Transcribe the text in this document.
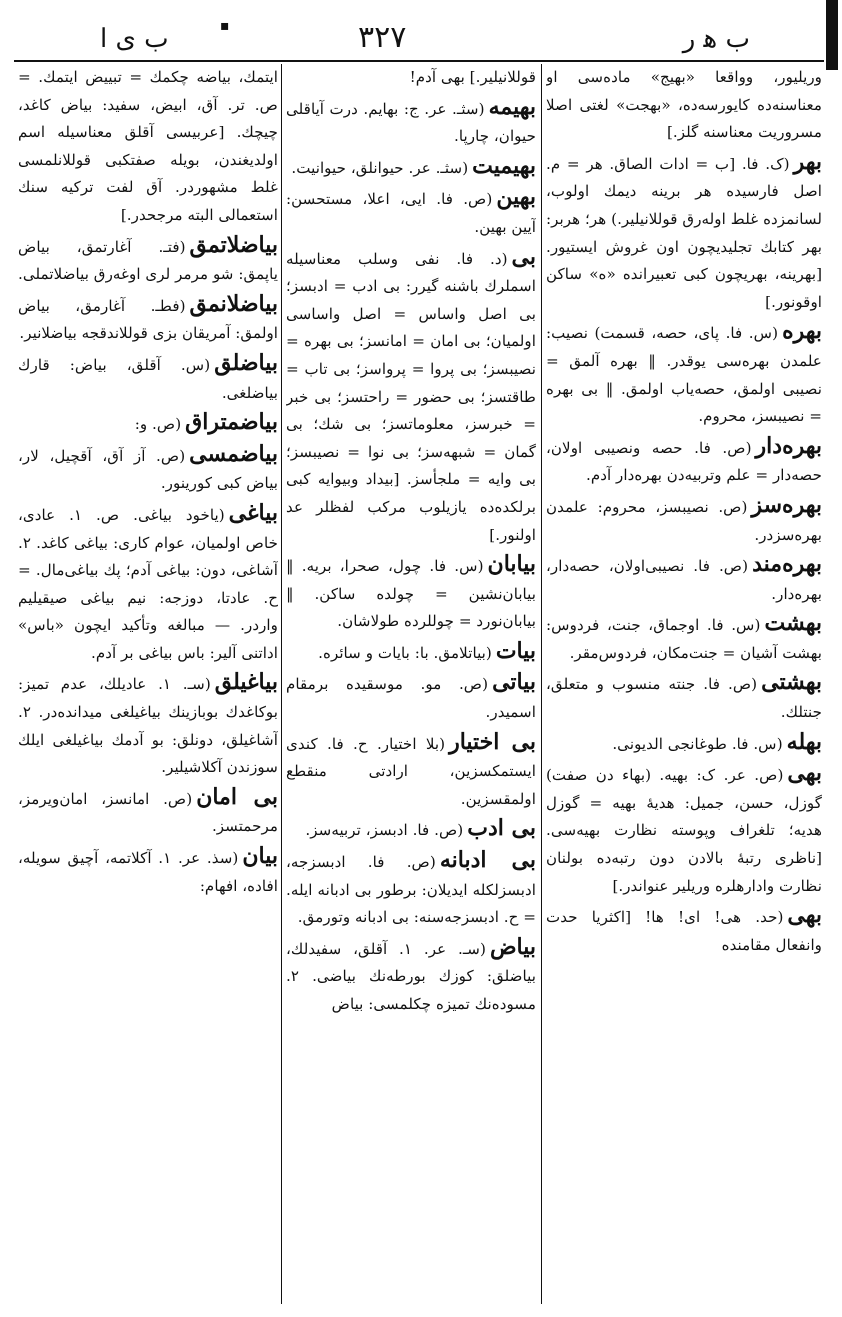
ب ی ا	▪	٣٢٧	ب ﻫ ر
وریلیور، وواقعا «بهیج» ماده‌سی او معناسنه‌ده کایورسه‌ده، «بهجت» لغتی اصلا مسروریت معناسنه گلز.]
بهر(ک. فا. [ب = ادات الصاق. هر = م. اصل فارسیده هر برینه دیمك اولوب، لسانمزده غلط اوله‌رق قوللانیلیر.) هر؛ هربر: بهر کتابك تجلیدیچون اون غروش ایستیور. [بهرینه، بهریچون کبی تعبیرانده «ه» ساکن اوقونور.]
بهره(س. فا. پای، حصه، قسمت) نصیب: علمدن بهره‌سی یوقدر. ‖ بهره آلمق = نصیبی اولمق، حصه‌یاب اولمق. ‖ بی بهره = نصیبسز، محروم.
بهره‌دار(ص. فا. حصه ونصیبی اولان، حصه‌دار = علم وتربیه‌دن بهره‌دار آدم.
بهره‌سز(ص. نصیبسز، محروم: علمدن بهره‌سزدر.
بهره‌مند(ص. فا. نصیبی‌اولان، حصه‌دار، بهره‌دار.
بهشت(س. فا. اوجماق، جنت، فردوس: بهشت آشیان = جنت‌مکان، فردوس‌مقر.
بهشتی(ص. فا. جنته منسوب و متعلق، جنتلك.
بهله(س. فا. طوغانجی الدیونی.
بهی(ص. عر. ک: بهیه. (بهاء دن صفت) گوزل، حسن، جمیل: هدیهٔ بهیه = گوزل هدیه؛ تلغراف وپوسته نظارت بهیه‌سی. [ناظری رتبهٔ بالادن دون رتبه‌ده بولنان نظارت وادارهلره وریلیر عنواندر.]
بهی(حد. هی! ای! ها! [اکثریا حدت وانفعال مقامنده
قوللانیلیر.] بهی آدم!
بهیمه(سثـ. عر. ج: بهایم. درت آیاقلی حیوان، چارپا.
بهیمیت(سثـ. عر. حیوانلق، حیوانیت.
بهین(ص. فا. ایی، اعلا، مستحسن: آیین بهین.
بی(د. فا. نفی وسلب معناسیله اسملرك باشنه گیرر: بی ادب = ادبسز؛ بی اصل واساس = اصل واساسی اولمیان؛ بی امان = امانسز؛ بی بهره = نصیبسز؛ بی پروا = پرواسز؛ بی تاب = طاقتسز؛ بی حضور = راحتسز؛ بی خبر = خبرسز، معلوماتسز؛ بی شك؛ بی گمان = شبهه‌سز؛ بی نوا = نصیبسز؛ بی وایه = ملجأسز. [بیداد وبیوایه کبی برلکده‌ده یازیلوب مرکب لفظلر عد اولنور.]
بیابان(س. فا. چول، صحرا، بریه. ‖ بیابان‌نشین = چولده ساکن. ‖ بیابان‌نورد = چوللرده طولاشان.
بیات(بیاتلامق. با: بایات و سائره.
بیاتی(ص. مو. موسقیده برمقام اسمیدر.
بی اختیار(بلا اختیار. ح. فا. کندی ایستمکسزین، ارادتی منقطع اولمقسزین.
بی ادب(ص. فا. ادبسز، تربیه‌سز.
بی ادبانه(ص. فا. ادبسزجه، ادبسزلکله ایدیلان: برطور بی ادبانه ایله. = ح. ادبسزجه‌سنه: بی ادبانه وتورمق.
بیاض(سـ. عر. ١. آقلق، سفیدلك، بیاضلق: کوزك بورطه‌نك بیاضی. ٢. مسوده‌نك تمیزه چکلمسی: بیاض
ایتمك، بیاضه چکمك = تبییض ایتمك. = ص. تر. آق، ابیض، سفید: بیاض کاغد، چیچك. [عربیسی آقلق معناسیله اسم اولدیغندن، بویله صفتکبی قوللانلمسی غلط مشهوردر. آق لفت ترکیه سنك استعمالی البته مرجحدر.]
بیاضلاتمق(فتـ. آغارتمق، بیاض یاپمق: شو مرمر لری اوغه‌رق بیاضلاتملی.
بیاضلانمق(فطـ. آغارمق، بیاض اولمق: آمریقان بزی قوللاندقجه بیاضلانیر.
بیاضلق(س. آقلق، بیاض: قارك بیاضلغی.
بیاضمتراق(ص. و:
بیاضمسی(ص. آز آق، آقچیل، لار، بیاض کبی کورینور.
بیاغی(یاخود بیاغی. ص. ١. عادی، خاص اولمیان، عوام کاری: بیاغی کاغد. ٢. آشاغی، دون: بیاغی آدم؛ پك بیاغی‌مال. = ح. عادتا، دوزجه: نیم بیاغی صیقیلیم واردر. — مبالغه وتأکید ایچون «باس» اداتنی آلیر: باس بیاغی بر آدم.
بیاغیلق(سـ. ١. عادیلك، عدم تمیز: بوکاغدك بوبازینك بیاغیلغی میدانده‌در. ٢. آشاغیلق، دونلق: بو آدمك بیاغیلغی ایلك سوزندن آکلاشیلیر.
بی امان(ص. امانسز، امان‌ویرمز، مرحمتسز.
بیان(سذ. عر. ١. آکلاتمه، آچیق سویله، افاده، افهام:
